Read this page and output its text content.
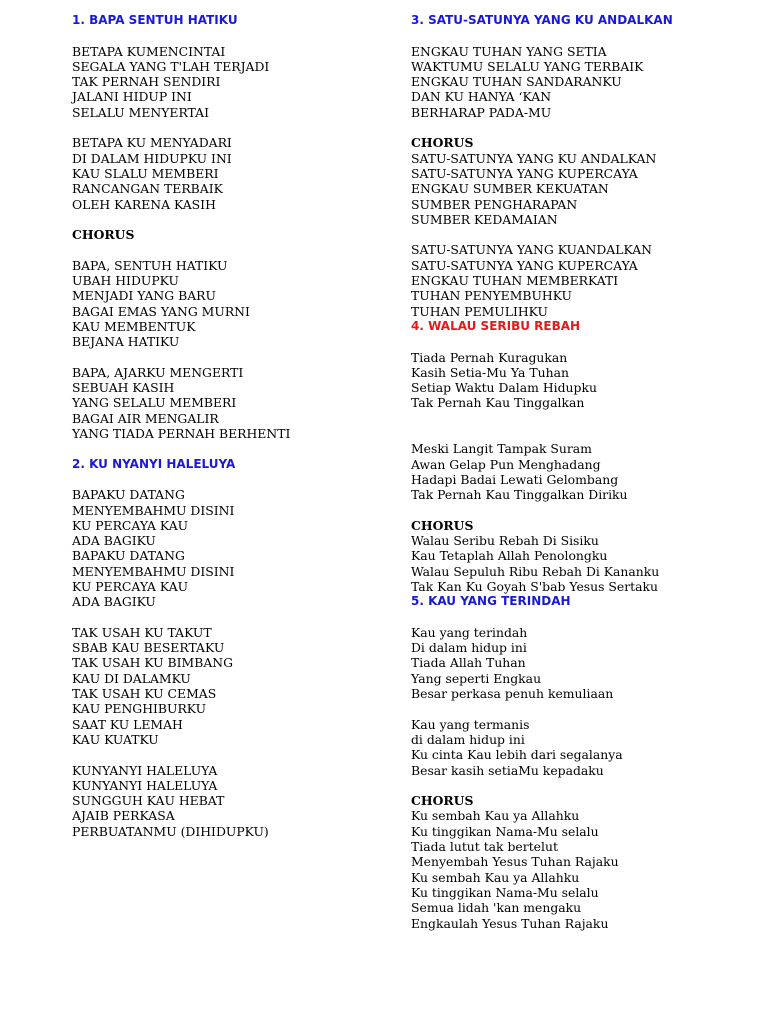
1. BAPA SENTUH HATIKU
BETAPA KUMENCINTAI
SEGALA YANG T'LAH TERJADI
TAK PERNAH SENDIRI
JALANI HIDUP INI
SELALU MENYERTAI
BETAPA KU MENYADARI
DI DALAM HIDUPKU INI
KAU SLALU MEMBERI
RANCANGAN TERBAIK
OLEH KARENA KASIH
CHORUS
BAPA, SENTUH HATIKU
UBAH HIDUPKU
MENJADI YANG BARU
BAGAI EMAS YANG MURNI
KAU MEMBENTUK
BEJANA HATIKU
BAPA, AJARKU MENGERTI
SEBUAH KASIH
YANG SELALU MEMBERI
BAGAI AIR MENGALIR
YANG TIADA PERNAH BERHENTI
2. KU NYANYI HALELUYA
BAPAKU DATANG
MENYEMBAHMU DISINI
KU PERCAYA KAU
ADA BAGIKU
BAPAKU DATANG
MENYEMBAHMU DISINI
KU PERCAYA KAU
ADA BAGIKU
TAK USAH KU TAKUT
SBAB KAU BESERTAKU
TAK USAH KU BIMBANG
KAU DI DALAMKU
TAK USAH KU CEMAS
KAU PENGHIBURKU
SAAT KU LEMAH
KAU KUATKU
KUNYANYI HALELUYA
KUNYANYI HALELUYA
SUNGGUH KAU HEBAT
AJAIB PERKASA
PERBUATANMU (DIHIDUPKU)
3. SATU-SATUNYA YANG KU ANDALKAN
ENGKAU TUHAN YANG SETIA
WAKTUMU SELALU YANG TERBAIK
ENGKAU TUHAN SANDARANKU
DAN KU HANYA ‘KAN
BERHARAP PADA-MU
CHORUS
SATU-SATUNYA YANG KU ANDALKAN
SATU-SATUNYA YANG KUPERCAYA
ENGKAU SUMBER KEKUATAN
SUMBER PENGHARAPAN
SUMBER KEDAMAIAN
SATU-SATUNYA YANG KUANDALKAN
SATU-SATUNYA YANG KUPERCAYA
ENGKAU TUHAN MEMBERKATI
TUHAN PENYEMBUHKU
TUHAN PEMULIHKU
4. WALAU SERIBU REBAH
Tiada Pernah Kuragukan
Kasih Setia-Mu Ya Tuhan
Setiap Waktu Dalam Hidupku
Tak Pernah Kau Tinggalkan
Meski Langit Tampak Suram
Awan Gelap Pun Menghadang
Hadapi Badai Lewati Gelombang
Tak Pernah Kau Tinggalkan Diriku
CHORUS
Walau Seribu Rebah Di Sisiku
Kau Tetaplah Allah Penolongku
Walau Sepuluh Ribu Rebah Di Kananku
Tak Kan Ku Goyah S'bab Yesus Sertaku
5. KAU YANG TERINDAH
Kau yang terindah
Di dalam hidup ini
Tiada Allah Tuhan
Yang seperti Engkau
Besar perkasa penuh kemuliaan
Kau yang termanis
di dalam hidup ini
Ku cinta Kau lebih dari segalanya
Besar kasih setiaMu kepadaku
CHORUS
Ku sembah Kau ya Allahku
Ku tinggikan Nama-Mu selalu
Tiada lutut tak bertelut
Menyembah Yesus Tuhan Rajaku
Ku sembah Kau ya Allahku
Ku tinggikan Nama-Mu selalu
Semua lidah 'kan mengaku
Engkaulah Yesus Tuhan Rajaku
